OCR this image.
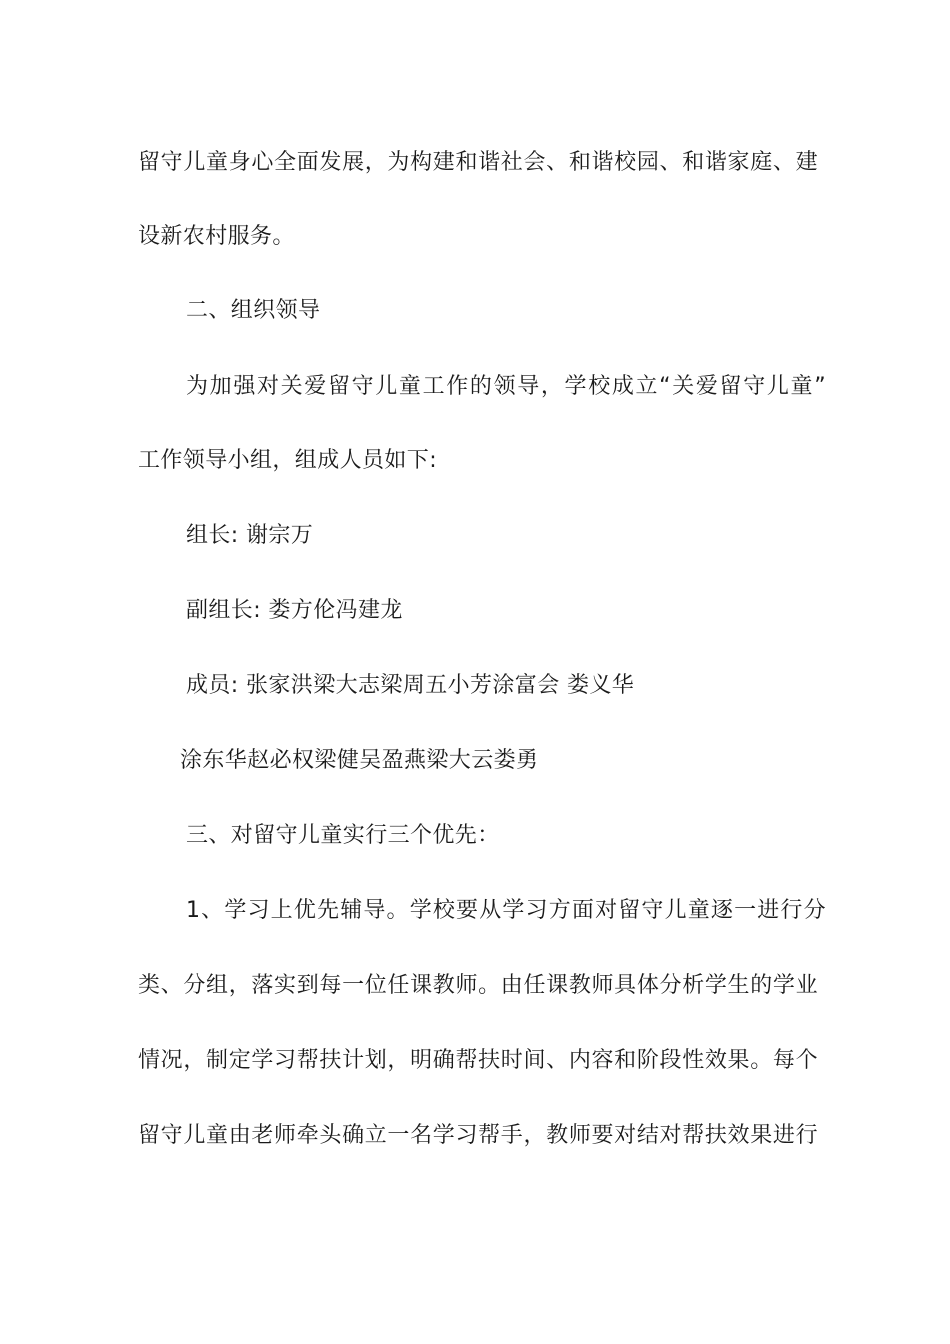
留守儿童身心全面发展，为构建和谐社会、和谐校园、和谐家庭、建
设新农村服务。
二、组织领导
为加强对关爱留守儿童工作的领导，学校成立“关爱留守儿童”
工作领导小组，组成人员如下:
组长: 谢宗万
副组长: 娄方伦冯建龙
成员: 张家洪梁大志梁周五小芳涂富会 娄义华
涂东华赵必权梁健吴盈燕梁大云娄勇
三、对留守儿童实行三个优先：
1、学习上优先辅导。学校要从学习方面对留守儿童逐一进行分
类、分组，落实到每一位任课教师。由任课教师具体分析学生的学业
情况，制定学习帮扶计划，明确帮扶时间、内容和阶段性效果。每个
留守儿童由老师牵头确立一名学习帮手，教师要对结对帮扶效果进行
